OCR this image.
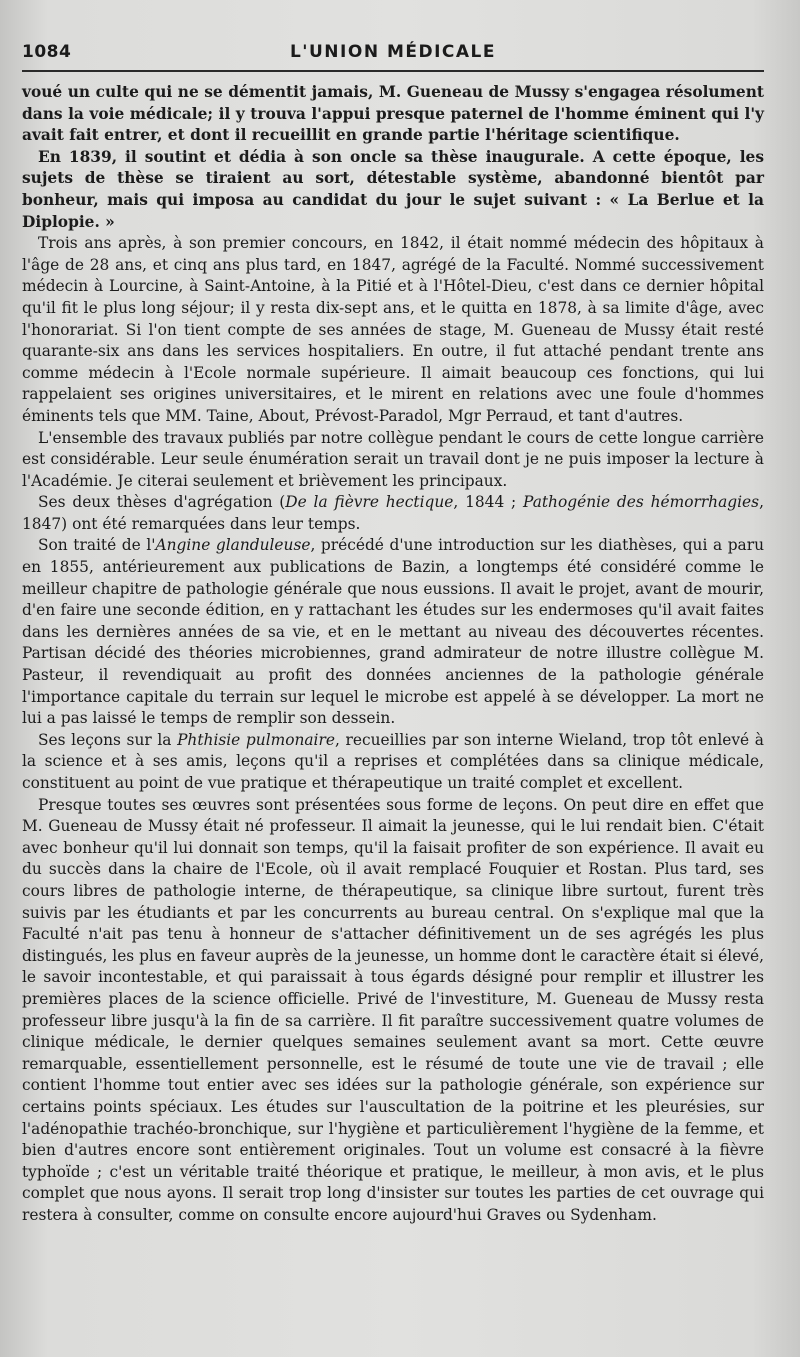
1084	L'UNION MÉDICALE

voué un culte qui ne se démentit jamais, M. Gueneau de Mussy s'engagea résolument dans la voie médicale; il y trouva l'appui presque paternel de l'homme éminent qui l'y avait fait entrer, et dont il recueillit en grande partie l'héritage scientifique.

En 1839, il soutint et dédia à son oncle sa thèse inaugurale. A cette époque, les sujets de thèse se tiraient au sort, détestable système, abandonné bientôt par bonheur, mais qui imposa au candidat du jour le sujet suivant : « La Berlue et la Diplopie. »

Trois ans après, à son premier concours, en 1842, il était nommé médecin des hôpitaux à l'âge de 28 ans, et cinq ans plus tard, en 1847, agrégé de la Faculté. Nommé successivement médecin à Lourcine, à Saint-Antoine, à la Pitié et à l'Hôtel-Dieu, c'est dans ce dernier hôpital qu'il fit le plus long séjour; il y resta dix-sept ans, et le quitta en 1878, à sa limite d'âge, avec l'honorariat. Si l'on tient compte de ses années de stage, M. Gueneau de Mussy était resté quarante-six ans dans les services hospitaliers. En outre, il fut attaché pendant trente ans comme médecin à l'Ecole normale supérieure. Il aimait beaucoup ces fonctions, qui lui rappelaient ses origines universitaires, et le mirent en relations avec une foule d'hommes éminents tels que MM. Taine, About, Prévost-Paradol, Mgr Perraud, et tant d'autres.

L'ensemble des travaux publiés par notre collègue pendant le cours de cette longue carrière est considérable. Leur seule énumération serait un travail dont je ne puis imposer la lecture à l'Académie. Je citerai seulement et brièvement les principaux.

Ses deux thèses d'agrégation (De la fièvre hectique, 1844 ; Pathogénie des hémorrhagies, 1847) ont été remarquées dans leur temps.

Son traité de l'Angine glanduleuse, précédé d'une introduction sur les diathèses, qui a paru en 1855, antérieurement aux publications de Bazin, a longtemps été considéré comme le meilleur chapitre de pathologie générale que nous eussions. Il avait le projet, avant de mourir, d'en faire une seconde édition, en y rattachant les études sur les endermoses qu'il avait faites dans les dernières années de sa vie, et en le mettant au niveau des découvertes récentes. Partisan décidé des théories microbiennes, grand admirateur de notre illustre collègue M. Pasteur, il revendiquait au profit des données anciennes de la pathologie générale l'importance capitale du terrain sur lequel le microbe est appelé à se développer. La mort ne lui a pas laissé le temps de remplir son dessein.

Ses leçons sur la Phthisie pulmonaire, recueillies par son interne Wieland, trop tôt enlevé à la science et à ses amis, leçons qu'il a reprises et complétées dans sa clinique médicale, constituent au point de vue pratique et thérapeutique un traité complet et excellent.

Presque toutes ses œuvres sont présentées sous forme de leçons. On peut dire en effet que M. Gueneau de Mussy était né professeur. Il aimait la jeunesse, qui le lui rendait bien. C'était avec bonheur qu'il lui donnait son temps, qu'il la faisait profiter de son expérience. Il avait eu du succès dans la chaire de l'Ecole, où il avait remplacé Fouquier et Rostan. Plus tard, ses cours libres de pathologie interne, de thérapeutique, sa clinique libre surtout, furent très suivis par les étudiants et par les concurrents au bureau central. On s'explique mal que la Faculté n'ait pas tenu à honneur de s'attacher définitivement un de ses agrégés les plus distingués, les plus en faveur auprès de la jeunesse, un homme dont le caractère était si élevé, le savoir incontestable, et qui paraissait à tous égards désigné pour remplir et illustrer les premières places de la science officielle. Privé de l'investiture, M. Gueneau de Mussy resta professeur libre jusqu'à la fin de sa carrière. Il fit paraître successivement quatre volumes de clinique médicale, le dernier quelques semaines seulement avant sa mort. Cette œuvre remarquable, essentiellement personnelle, est le résumé de toute une vie de travail ; elle contient l'homme tout entier avec ses idées sur la pathologie générale, son expérience sur certains points spéciaux. Les études sur l'auscultation de la poitrine et les pleurésies, sur l'adénopathie trachéo-bronchique, sur l'hygiène et particulièrement l'hygiène de la femme, et bien d'autres encore sont entièrement originales. Tout un volume est consacré à la fièvre typhoïde ; c'est un véritable traité théorique et pratique, le meilleur, à mon avis, et le plus complet que nous ayons. Il serait trop long d'insister sur toutes les parties de cet ouvrage qui restera à consulter, comme on consulte encore aujourd'hui Graves ou Sydenham.
